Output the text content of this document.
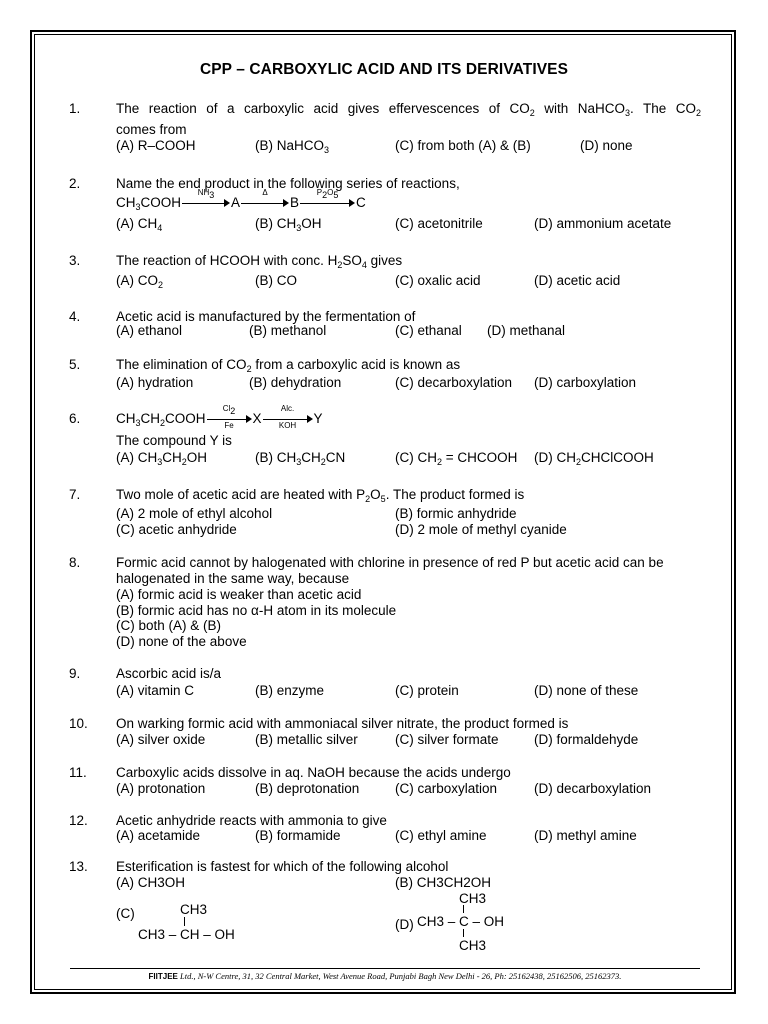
CPP – CARBOXYLIC ACID AND ITS DERIVATIVES
1.	The reaction of a carboxylic acid gives effervescences of $CO_2$ with NaHCO$_3$. The $CO_2$
comes from
(A) R–COOH	(B) NaHCO$_3$	(C) from both (A) & (B)	(D) none
2.	Name the end product in the following series of reactions,
$CH_3COOH$
$NH_3$	A
Δ
B
$P_2O_5$	C
(A) $CH_4$	(B) $CH_3OH$	(C) acetonitrile	(D) ammonium acetate
3.	The reaction of HCOOH with conc. $H_2SO_4$ gives
(A) $CO_2$	(B) CO	(C) oxalic acid	(D) acetic acid
4.	Acetic acid is manufactured by the fermentation of
(A) ethanol	(B) methanol	(C) ethanal (D) methanal
5.	The elimination of $CO_2$ from a carboxylic acid is known as
(A) hydration	(B) dehydration	(C) decarboxylation (D) carboxylation
6.	$CH_3CH_2COOH \frac{Cl_2}{Fe}$ X
Alc.
KOH	Y
The compound Y is
(A) $CH_3CH_2OH$	(B) $CH_3CH_2CN$	(C) $CH_2$ = CHCOOH (D) $CH_2CHClCOOH$
7.	Two mole of acetic acid are heated with $P_2O_5$. The product formed is
(A) 2 mole of ethyl alcohol	(B) formic anhydride
(C) acetic anhydride	(D) 2 mole of methyl cyanide
8.	Formic acid cannot by halogenated with chlorine in presence of red P but acetic acid can be
halogenated in the same way, because
(A) formic acid is weaker than acetic acid
(B) formic acid has no α-H atom in its molecule
(C) both (A) & (B)
(D) none of the above
9.	Ascorbic acid is/a
(A) vitamin C	(B) enzyme	(C) protein	(D) none of these
10. On warking formic acid with ammoniacal silver nitrate, the product formed is
(A) silver oxide	(B) metallic silver	(C) silver formate	(D) formaldehyde
11. Carboxylic acids dissolve in aq. NaOH because the acids undergo
(A) protonation	(B) deprotonation	(C) carboxylation	(D) decarboxylation
12. Acetic anhydride reacts with ammonia to give
(A) acetamide	(B) formamide	(C) ethyl amine	(D) methyl amine
13. Esterification is fastest for which of the following alcohol
(A) CH3OH	(B) CH3CH2OH
(C)	CH3
CH3 – CH – OH
(D)
CH3
CH3 – C – OH
CH3
FIITJEE Ltd., N-W Centre, 31, 32 Central Market, West Avenue Road, Punjabi Bagh New Delhi - 26, Ph: 25162438, 25162506, 25162373.
